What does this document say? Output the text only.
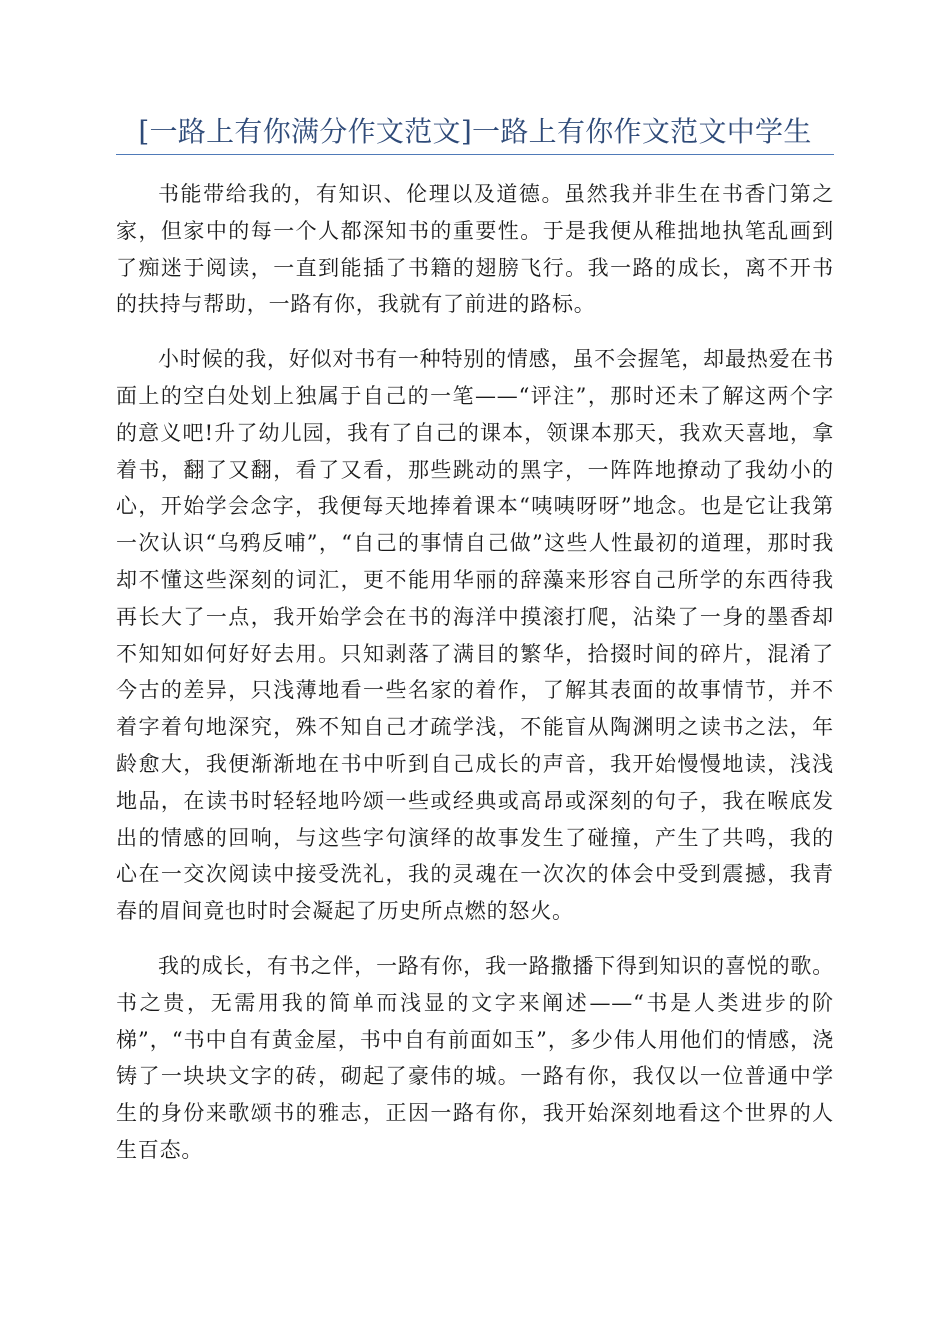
[一路上有你满分作文范文]一路上有你作文范文中学生

书能带给我的，有知识、伦理以及道德。虽然我并非生在书香门第之家，但家中的每一个人都深知书的重要性。于是我便从稚拙地执笔乱画到了痴迷于阅读，一直到能插了书籍的翅膀飞行。我一路的成长，离不开书的扶持与帮助，一路有你，我就有了前进的路标。

小时候的我，好似对书有一种特别的情感，虽不会握笔，却最热爱在书面上的空白处划上独属于自己的一笔——“评注”，那时还未了解这两个字的意义吧!升了幼儿园，我有了自己的课本，领课本那天，我欢天喜地，拿着书，翻了又翻，看了又看，那些跳动的黑字，一阵阵地撩动了我幼小的心，开始学会念字，我便每天地捧着课本“咦咦呀呀”地念。也是它让我第一次认识“乌鸦反哺”，“自己的事情自己做”这些人性最初的道理，那时我却不懂这些深刻的词汇，更不能用华丽的辞藻来形容自己所学的东西待我再长大了一点，我开始学会在书的海洋中摸滚打爬，沾染了一身的墨香却不知知如何好好去用。只知剥落了满目的繁华，拾掇时间的碎片，混淆了今古的差异，只浅薄地看一些名家的着作，了解其表面的故事情节，并不着字着句地深究，殊不知自己才疏学浅，不能盲从陶渊明之读书之法，年龄愈大，我便渐渐地在书中听到自己成长的声音，我开始慢慢地读，浅浅地品，在读书时轻轻地吟颂一些或经典或高昂或深刻的句子，我在喉底发出的情感的回响，与这些字句演绎的故事发生了碰撞，产生了共鸣，我的心在一交次阅读中接受洗礼，我的灵魂在一次次的体会中受到震撼，我青春的眉间竟也时时会凝起了历史所点燃的怒火。

我的成长，有书之伴，一路有你，我一路撒播下得到知识的喜悦的歌。书之贵，无需用我的简单而浅显的文字来阐述——“书是人类进步的阶梯”，“书中自有黄金屋，书中自有前面如玉”，多少伟人用他们的情感，浇铸了一块块文字的砖，砌起了豪伟的城。一路有你，我仅以一位普通中学生的身份来歌颂书的雅志，正因一路有你，我开始深刻地看这个世界的人生百态。
